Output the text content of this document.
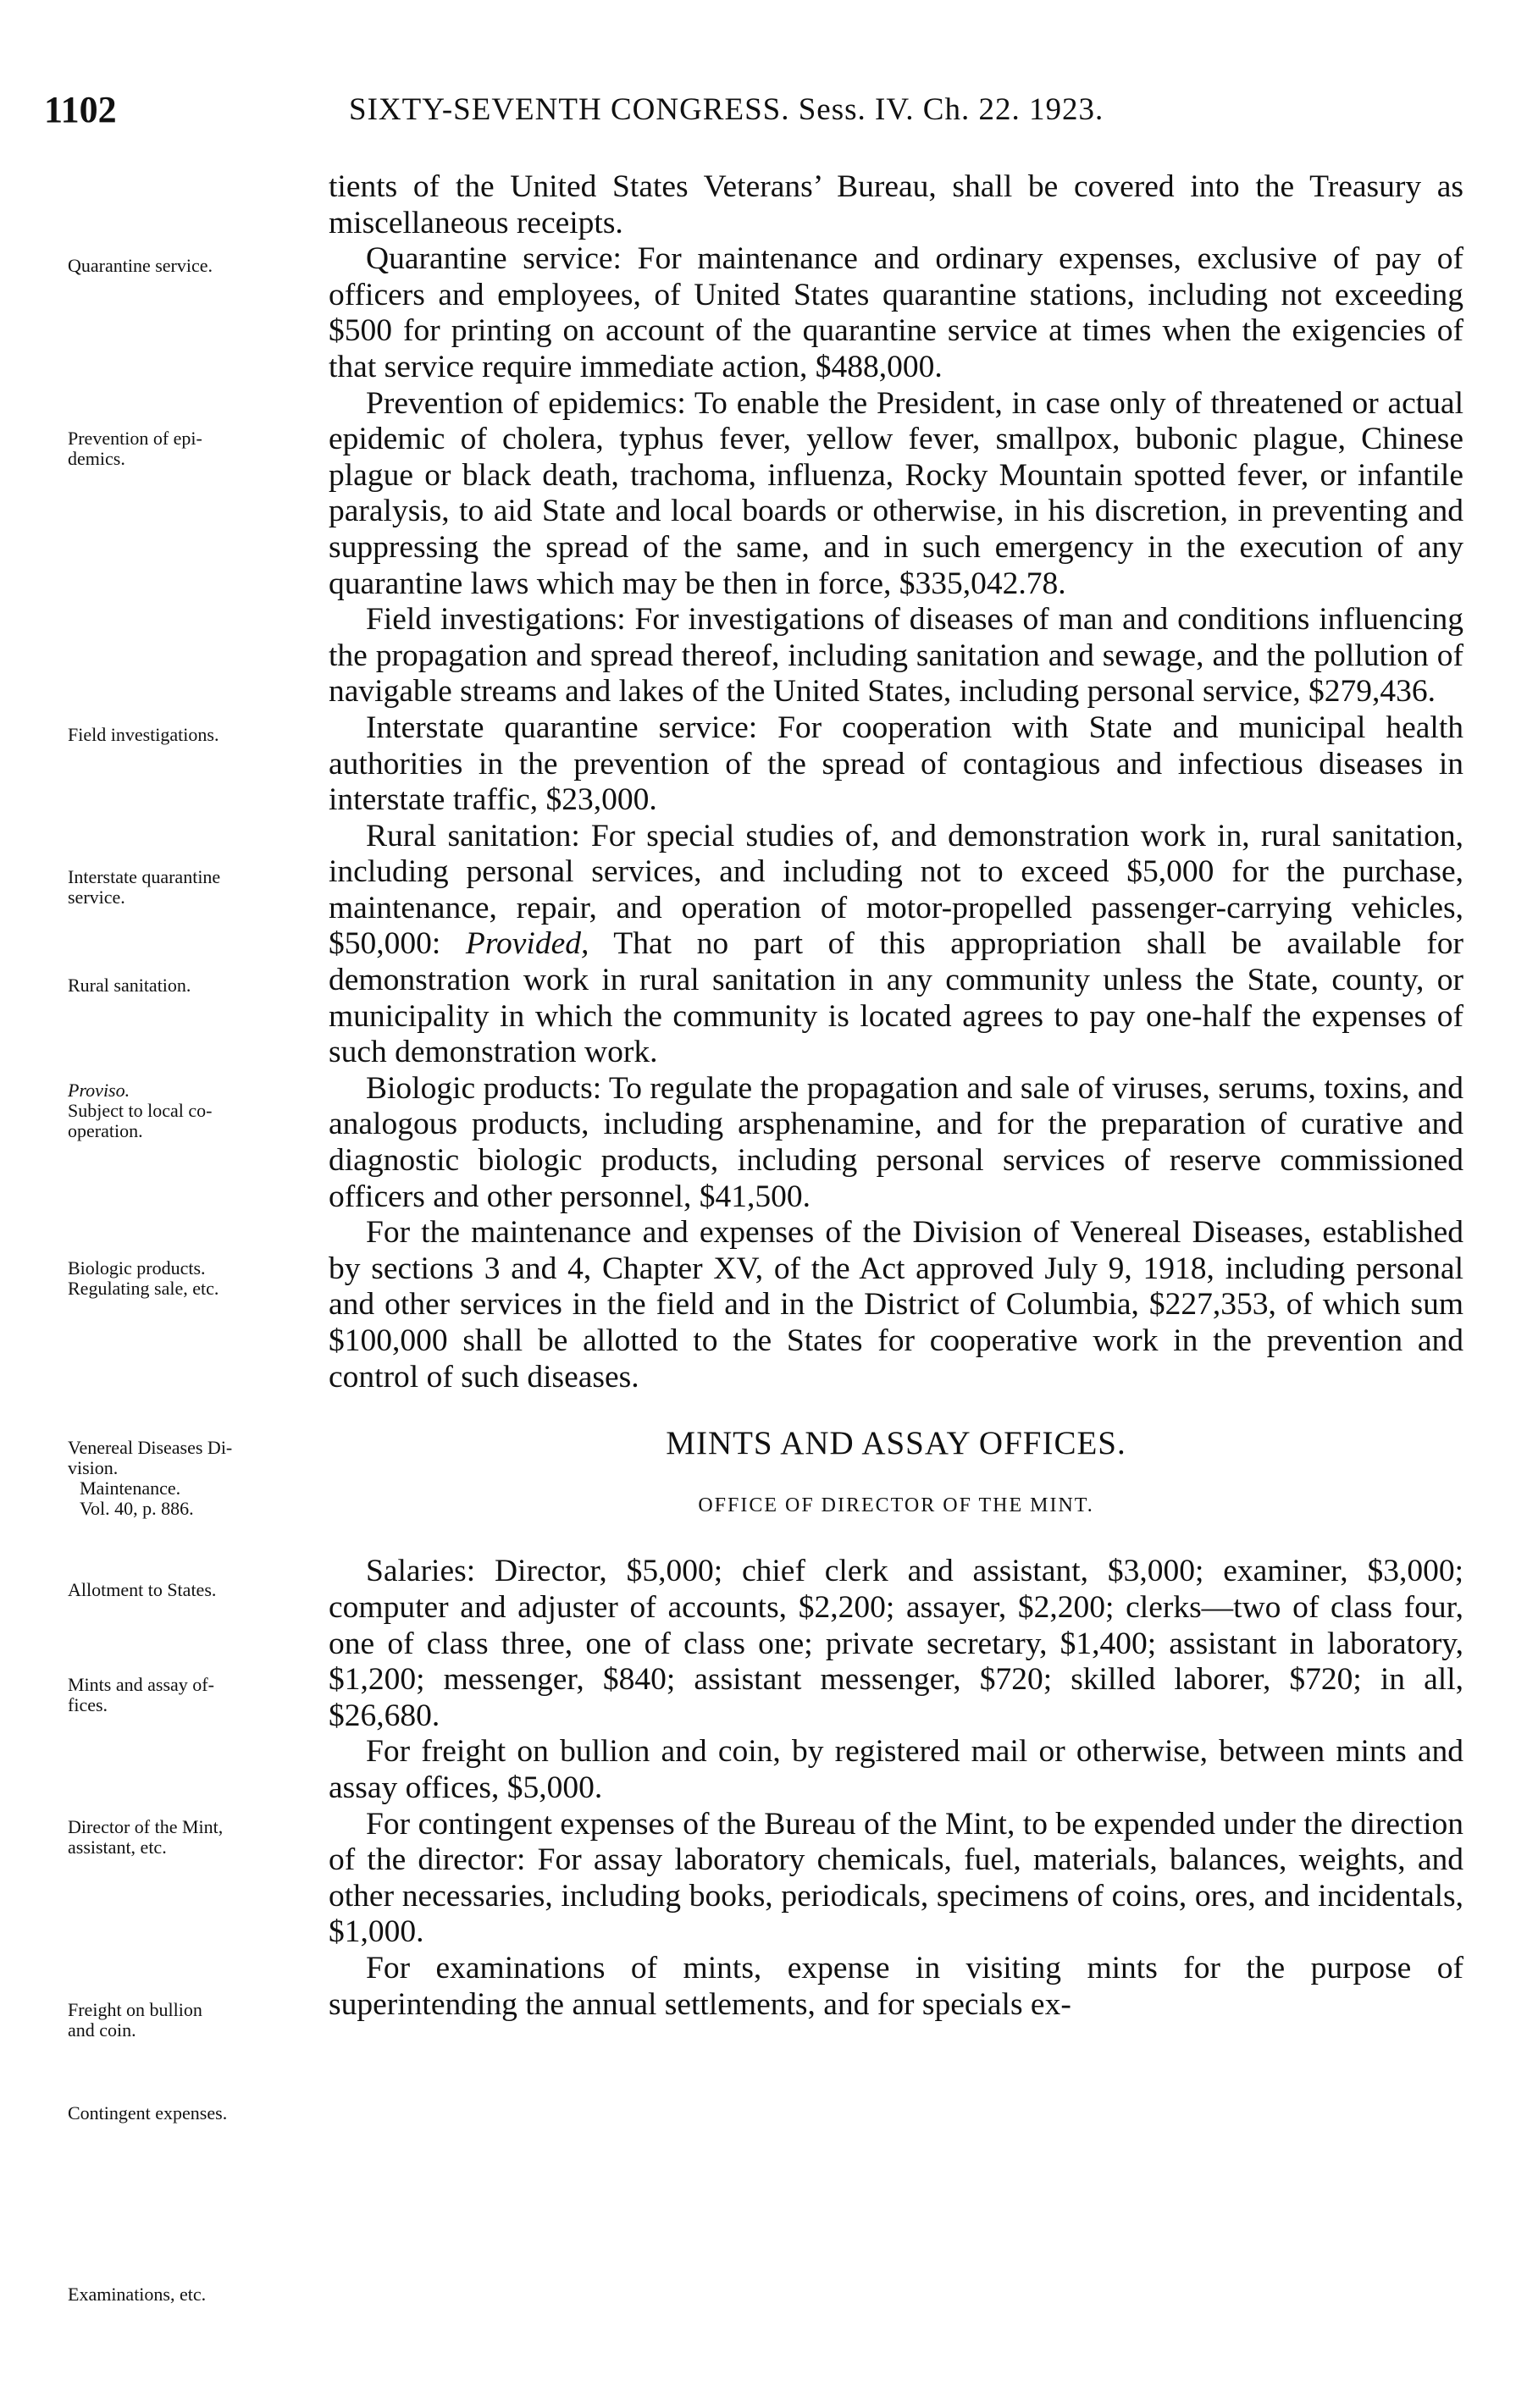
1102	SIXTY-SEVENTH CONGRESS. Sess. IV. Ch. 22. 1923.
Quarantine service.
Prevention of epi-
demics.
Field investigations.
Interstate quarantine
service.
Rural sanitation.
Proviso.
Subject to local co-
operation.
Biologic products.
Regulating sale, etc.
Venereal Diseases Di-
vision.
Maintenance.
Vol. 40, p. 886.
Allotment to States.
Mints and assay of-
fices.
Director of the Mint,
assistant, etc.
Freight on bullion
and coin.
Contingent expenses.
Examinations, etc.

tients of the United States Veterans’ Bureau, shall be covered into the Treasury as miscellaneous receipts.

Quarantine service: For maintenance and ordinary expenses, exclusive of pay of officers and employees, of United States quarantine stations, including not exceeding $500 for printing on account of the quarantine service at times when the exigencies of that service require immediate action, $488,000.

Prevention of epidemics: To enable the President, in case only of threatened or actual epidemic of cholera, typhus fever, yellow fever, smallpox, bubonic plague, Chinese plague or black death, trachoma, influenza, Rocky Mountain spotted fever, or infantile paralysis, to aid State and local boards or otherwise, in his discretion, in preventing and suppressing the spread of the same, and in such emergency in the execution of any quarantine laws which may be then in force, $335,042.78.

Field investigations: For investigations of diseases of man and conditions influencing the propagation and spread thereof, including sanitation and sewage, and the pollution of navigable streams and lakes of the United States, including personal service, $279,436.

Interstate quarantine service: For cooperation with State and municipal health authorities in the prevention of the spread of contagious and infectious diseases in interstate traffic, $23,000.

Rural sanitation: For special studies of, and demonstration work in, rural sanitation, including personal services, and including not to exceed $5,000 for the purchase, maintenance, repair, and operation of motor-propelled passenger-carrying vehicles, $50,000: Provided, That no part of this appropriation shall be available for demonstration work in rural sanitation in any community unless the State, county, or municipality in which the community is located agrees to pay one-half the expenses of such demonstration work.

Biologic products: To regulate the propagation and sale of viruses, serums, toxins, and analogous products, including arsphenamine, and for the preparation of curative and diagnostic biologic products, including personal services of reserve commissioned officers and other personnel, $41,500.

For the maintenance and expenses of the Division of Venereal Diseases, established by sections 3 and 4, Chapter XV, of the Act approved July 9, 1918, including personal and other services in the field and in the District of Columbia, $227,353, of which sum $100,000 shall be allotted to the States for cooperative work in the prevention and control of such diseases.

MINTS AND ASSAY OFFICES.

OFFICE OF DIRECTOR OF THE MINT.

Salaries: Director, $5,000; chief clerk and assistant, $3,000; examiner, $3,000; computer and adjuster of accounts, $2,200; assayer, $2,200; clerks—two of class four, one of class three, one of class one; private secretary, $1,400; assistant in laboratory, $1,200; messenger, $840; assistant messenger, $720; skilled laborer, $720; in all, $26,680.

For freight on bullion and coin, by registered mail or otherwise, between mints and assay offices, $5,000.

For contingent expenses of the Bureau of the Mint, to be expended under the direction of the director: For assay laboratory chemicals, fuel, materials, balances, weights, and other necessaries, including books, periodicals, specimens of coins, ores, and incidentals, $1,000.

For examinations of mints, expense in visiting mints for the purpose of superintending the annual settlements, and for specials ex-
